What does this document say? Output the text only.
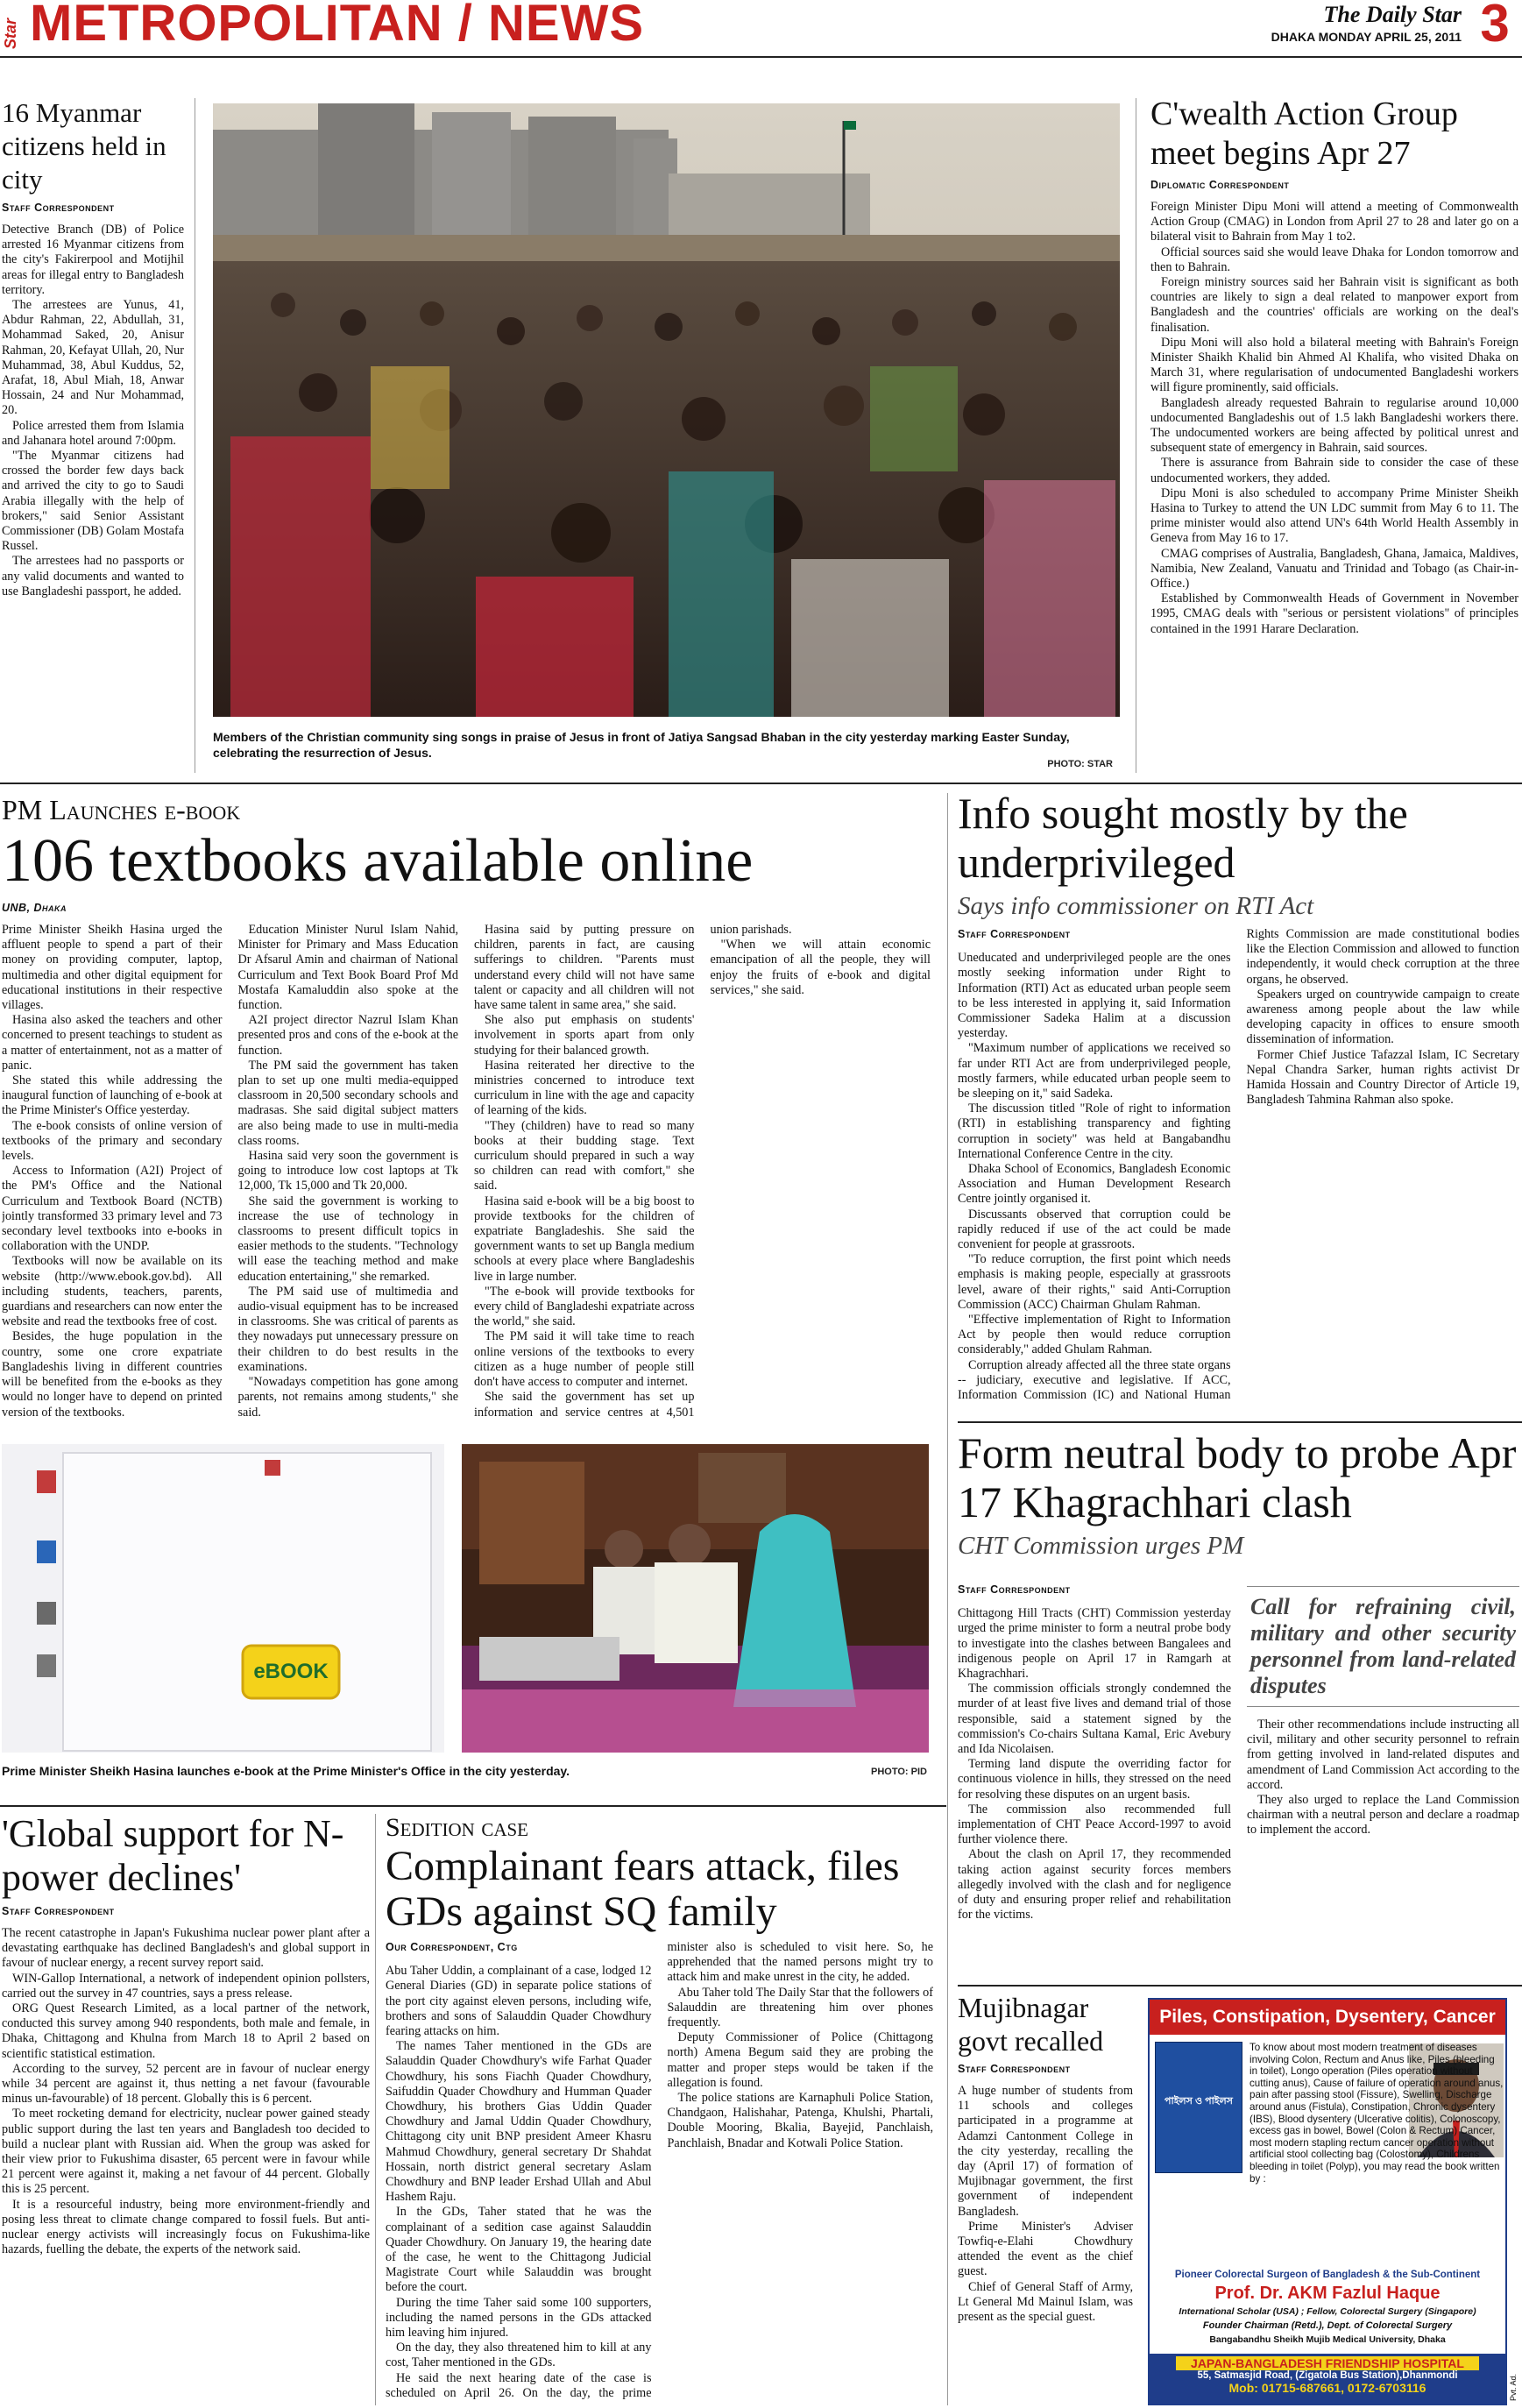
Star METROPOLITAN / NEWS	The Daily Star
DHAKA MONDAY APRIL 25, 2011 3
16 Myanmar citizens held in city
Staff Correspondent

Detective Branch (DB) of Police arrested 16 Myanmar citizens from the city's Fakirerpool and Motijhil areas for illegal entry to Bangladesh territory.

The arrestees are Yunus, 41, Abdur Rahman, 22, Abdullah, 31, Mohammad Saked, 20, Anisur Rahman, 20, Kefayat Ullah, 20, Nur Muhammad, 38, Abul Kuddus, 52, Arafat, 18, Abul Miah, 18, Anwar Hossain, 24 and Nur Mohammad, 20.

Police arrested them from Islamia and Jahanara hotel around 7:00pm.

"The Myanmar citizens had crossed the border few days back and arrived the city to go to Saudi Arabia illegally with the help of brokers," said Senior Assistant Commissioner (DB) Golam Mostafa Russel.

The arrestees had no passports or any valid documents and wanted to use Bangladeshi passport, he added.

Members of the Christian community sing songs in praise of Jesus in front of Jatiya Sangsad Bhaban in the city yesterday marking Easter Sunday, celebrating the resurrection of Jesus.
PHOTO: STAR
C'wealth Action Group meet begins Apr 27
Diplomatic Correspondent

Foreign Minister Dipu Moni will attend a meeting of Commonwealth Action Group (CMAG) in London from April 27 to 28 and later go on a bilateral visit to Bahrain from May 1 to2.

Official sources said she would leave Dhaka for London tomorrow and then to Bahrain.

Foreign ministry sources said her Bahrain visit is significant as both countries are likely to sign a deal related to manpower export from Bangladesh and the countries' officials are working on the deal's finalisation.

Dipu Moni will also hold a bilateral meeting with Bahrain's Foreign Minister Shaikh Khalid bin Ahmed Al Khalifa, who visited Dhaka on March 31, where regularisation of undocumented Bangladeshi workers will figure prominently, said officials.

Bangladesh already requested Bahrain to regularise around 10,000 undocumented Bangladeshis out of 1.5 lakh Bangladeshi workers there. The undocumented workers are being affected by political unrest and subsequent state of emergency in Bahrain, said sources.

There is assurance from Bahrain side to consider the case of these undocumented workers, they added.

Dipu Moni is also scheduled to accompany Prime Minister Sheikh Hasina to Turkey to attend the UN LDC summit from May 6 to 11. The prime minister would also attend UN's 64th World Health Assembly in Geneva from May 16 to 17.

CMAG comprises of Australia, Bangladesh, Ghana, Jamaica, Maldives, Namibia, New Zealand, Vanuatu and Trinidad and Tobago (as Chair-in-Office.)

Established by Commonwealth Heads of Government in November 1995, CMAG deals with "serious or persistent violations" of principles contained in the 1991 Harare Declaration.

PM Launches e-book
106 textbooks available online
UNB, Dhaka

Prime Minister Sheikh Hasina urged the affluent people to spend a part of their money on providing computer, laptop, multimedia and other digital equipment for educational institutions in their respective villages.

Hasina also asked the teachers and other concerned to present teachings to student as a matter of entertainment, not as a matter of panic.

She stated this while addressing the inaugural function of launching of e-book at the Prime Minister's Office yesterday.

The e-book consists of online version of textbooks of the primary and secondary levels.

Access to Information (A2I) Project of the PM's Office and the National Curriculum and Textbook Board (NCTB) jointly transformed 33 primary level and 73 secondary level textbooks into e-books in collaboration with the UNDP.

Textbooks will now be available on its website (http://www.ebook.gov.bd). All including students, teachers, parents, guardians and researchers can now enter the website and read the textbooks free of cost.

Besides, the huge population in the country, some one crore expatriate Bangladeshis living in different countries will be benefited from the e-books as they would no longer have to depend on printed version of the textbooks.

Education Minister Nurul Islam Nahid, Minister for Primary and Mass Education Dr Afsarul Amin and chairman of National Curriculum and Text Book Board Prof Md Mostafa Kamaluddin also spoke at the function.

A2I project director Nazrul Islam Khan presented pros and cons of the e-book at the function.

The PM said the government has taken plan to set up one multi media-equipped classroom in 20,500 secondary schools and madrasas. She said digital subject matters are also being made to use in multi-media class rooms.

Hasina said very soon the government is going to introduce low cost laptops at Tk 12,000, Tk 15,000 and Tk 20,000.

She said the government is working to increase the use of technology in classrooms to present difficult topics in easier methods to the students. "Technology will ease the teaching method and make education entertaining," she remarked.

The PM said use of multimedia and audio-visual equipment has to be increased in classrooms. She was critical of parents as they nowadays put unnecessary pressure on their children to do best results in the examinations.

"Nowadays competition has gone among parents, not remains among students," she said.

Hasina said by putting pressure on children, parents in fact, are causing sufferings to children. "Parents must understand every child will not have same talent or capacity and all children will not have same talent in same area," she said.

She also put emphasis on students' involvement in sports apart from only studying for their balanced growth.

Hasina reiterated her directive to the ministries concerned to introduce text curriculum in line with the age and capacity of learning of the kids.

"They (children) have to read so many books at their budding stage. Text curriculum should prepared in such a way so children can read with comfort," she said.

Hasina said e-book will be a big boost to provide textbooks for the children of expatriate Bangladeshis. She said the government wants to set up Bangla medium schools at every place where Bangladeshis live in large number.

"The e-book will provide textbooks for every child of Bangladeshi expatriate across the world," she said.

The PM said it will take time to reach online versions of the textbooks to every citizen as a huge number of people still don't have access to computer and internet.

She said the government has set up information and service centres at 4,501 union parishads.

"When we will attain economic emancipation of all the people, they will enjoy the fruits of e-book and digital services," she said.

eBOOK
Prime Minister Sheikh Hasina launches e-book at the Prime Minister's Office in the city yesterday.	PHOTO: PID
Info sought mostly by the underprivileged
Says info commissioner on RTI Act
Staff Correspondent

Uneducated and underprivileged people are the ones mostly seeking information under Right to Information (RTI) Act as educated urban people seem to be less interested in applying it, said Information Commissioner Sadeka Halim at a discussion yesterday.

"Maximum number of applications we received so far under RTI Act are from underprivileged people, mostly farmers, while educated urban people seem to be sleeping on it," said Sadeka.

The discussion titled "Role of right to information (RTI) in establishing transparency and fighting corruption in society" was held at Bangabandhu International Conference Centre in the city.

Dhaka School of Economics, Bangladesh Economic Association and Human Development Research Centre jointly organised it.

Discussants observed that corruption could be rapidly reduced if use of the act could be made convenient for people at grassroots.

"To reduce corruption, the first point which needs emphasis is making people, especially at grassroots level, aware of their rights," said Anti-Corruption Commission (ACC) Chairman Ghulam Rahman.

"Effective implementation of Right to Information Act by people then would reduce corruption considerably," added Ghulam Rahman.

Corruption already affected all the three state organs -- judiciary, executive and legislative. If ACC, Information Commission (IC) and National Human Rights Commission are made constitutional bodies like the Election Commission and allowed to function independently, it would check corruption at the three organs, he observed.

Speakers urged on countrywide campaign to create awareness among people about the law while developing capacity in offices to ensure smooth dissemination of information.

Former Chief Justice Tafazzal Islam, IC Secretary Nepal Chandra Sarker, human rights activist Dr Hamida Hossain and Country Director of Article 19, Bangladesh Tahmina Rahman also spoke.

Form neutral body to probe Apr 17 Khagrachhari clash
CHT Commission urges PM
Staff Correspondent

Chittagong Hill Tracts (CHT) Commission yesterday urged the prime minister to form a neutral probe body to investigate into the clashes between Bangalees and indigenous people on April 17 in Ramgarh at Khagrachhari.

The commission officials strongly condemned the murder of at least five lives and demand trial of those responsible, said a statement signed by the commission's Co-chairs Sultana Kamal, Eric Avebury and Ida Nicolaisen.

Terming land dispute the overriding factor for continuous violence in hills, they stressed on the need for resolving these disputes on an urgent basis.

The commission also recommended full implementation of CHT Peace Accord-1997 to avoid further violence there.

About the clash on April 17, they recommended taking action against security forces members allegedly involved with the clash and for negligence of duty and ensuring proper relief and rehabilitation for the victims.

Call for refraining civil, military and other security personnel from land-related disputes

Their other recommendations include instructing all civil, military and other security personnel to refrain from getting involved in land-related disputes and amendment of Land Commission Act according to the accord.

They also urged to replace the Land Commission chairman with a neutral person and declare a roadmap to implement the accord.

'Global support for N-power declines'
Staff Correspondent

The recent catastrophe in Japan's Fukushima nuclear power plant after a devastating earthquake has declined Bangladesh's and global support in favour of nuclear energy, a recent survey report said.

WIN-Gallop International, a network of independent opinion pollsters, carried out the survey in 47 countries, says a press release.

ORG Quest Research Limited, as a local partner of the network, conducted this survey among 940 respondents, both male and female, in Dhaka, Chittagong and Khulna from March 18 to April 2 based on scientific statistical estimation.

According to the survey, 52 percent are in favour of nuclear energy while 34 percent are against it, thus netting a net favour (favourable minus un-favourable) of 18 percent. Globally this is 6 percent.

To meet rocketing demand for electricity, nuclear power gained steady public support during the last ten years and Bangladesh too decided to build a nuclear plant with Russian aid. When the group was asked for their view prior to Fukushima disaster, 65 percent were in favour while 21 percent were against it, making a net favour of 44 percent. Globally this is 25 percent.

It is a resourceful industry, being more environment-friendly and posing less threat to climate change compared to fossil fuels. But anti-nuclear energy activists will increasingly focus on Fukushima-like hazards, fuelling the debate, the experts of the network said.

Sedition case
Complainant fears attack, files GDs against SQ family
Our Correspondent, Ctg

Abu Taher Uddin, a complainant of a case, lodged 12 General Diaries (GD) in separate police stations of the port city against eleven persons, including wife, brothers and sons of Salauddin Quader Chowdhury fearing attacks on him.

The names Taher mentioned in the GDs are Salauddin Quader Chowdhury's wife Farhat Quader Chowdhury, his sons Fiachh Quader Chowdhury, Saifuddin Quader Chowdhury and Humman Quader Chowdhury, his brothers Gias Uddin Quader Chowdhury and Jamal Uddin Quader Chowdhury, Chittagong city unit BNP president Ameer Khasru Mahmud Chowdhury, general secretary Dr Shahdat Hossain, north district general secretary Aslam Chowdhury and BNP leader Ershad Ullah and Abul Hashem Raju.

In the GDs, Taher stated that he was the complainant of a sedition case against Salauddin Quader Chowdhury. On January 19, the hearing date of the case, he went to the Chittagong Judicial Magistrate Court while Salauddin was brought before the court.

During the time Taher said some 100 supporters, including the named persons in the GDs attacked him leaving him injured.

On the day, they also threatened him to kill at any cost, Taher mentioned in the GDs.

He said the next hearing date of the case is scheduled on April 26. On the day, the prime minister also is scheduled to visit here. So, he apprehended that the named persons might try to attack him and make unrest in the city, he added.

Abu Taher told The Daily Star that the followers of Salauddin are threatening him over phones frequently.

Deputy Commissioner of Police (Chittagong north) Amena Begum said they are probing the matter and proper steps would be taken if the allegation is found.

The police stations are Karnaphuli Police Station, Chandgaon, Halishahar, Patenga, Khulshi, Phartali, Double Mooring, Bkalia, Bayejid, Panchlaish, Panchlaish, Bnadar and Kotwali Police Station.

Mujibnagar govt recalled
Staff Correspondent

A huge number of students from 11 schools and colleges participated in a programme at Adamzi Cantonment College in the city yesterday, recalling the day (April 17) of formation of Mujibnagar government, the first government of independent Bangladesh.

Prime Minister's Adviser Towfiq-e-Elahi Chowdhury attended the event as the chief guest.

Chief of General Staff of Army, Lt General Md Mainul Islam, was present as the special guest.

Piles, Constipation, Dysentery, Cancer
পাইলস ও পাইলস
To know about most modern treatment of diseases involving Colon, Rectum and Anus like, Piles (bleeding in toilet), Longo operation (Piles operation without cutting anus), Cause of failure of operation around anus, pain after passing stool (Fissure), Swelling, Discharge around anus (Fistula), Constipation, Chronic dysentery (IBS), Blood dysentery (Ulcerative colitis), Colonoscopy, excess gas in bowel, Bowel (Colon & Rectum) Cancer, most modern stapling rectum cancer operation without artificial stool collecting bag (Colostomy), Childrens bleeding in toilet (Polyp), you may read the book written by :
Pioneer Colorectal Surgeon of Bangladesh & the Sub-Continent
Prof. Dr. AKM Fazlul Haque
International Scholar (USA) ; Fellow, Colorectal Surgery (Singapore)
Founder Chairman (Retd.), Dept. of Colorectal Surgery
Bangabandhu Sheikh Mujib Medical University, Dhaka
JAPAN-BANGLADESH FRIENDSHIP HOSPITAL
55, Satmasjid Road, (Zigatola Bus Station),Dhanmondi
Mob: 01715-687661, 0172-6703116	Pvt. Ad.
